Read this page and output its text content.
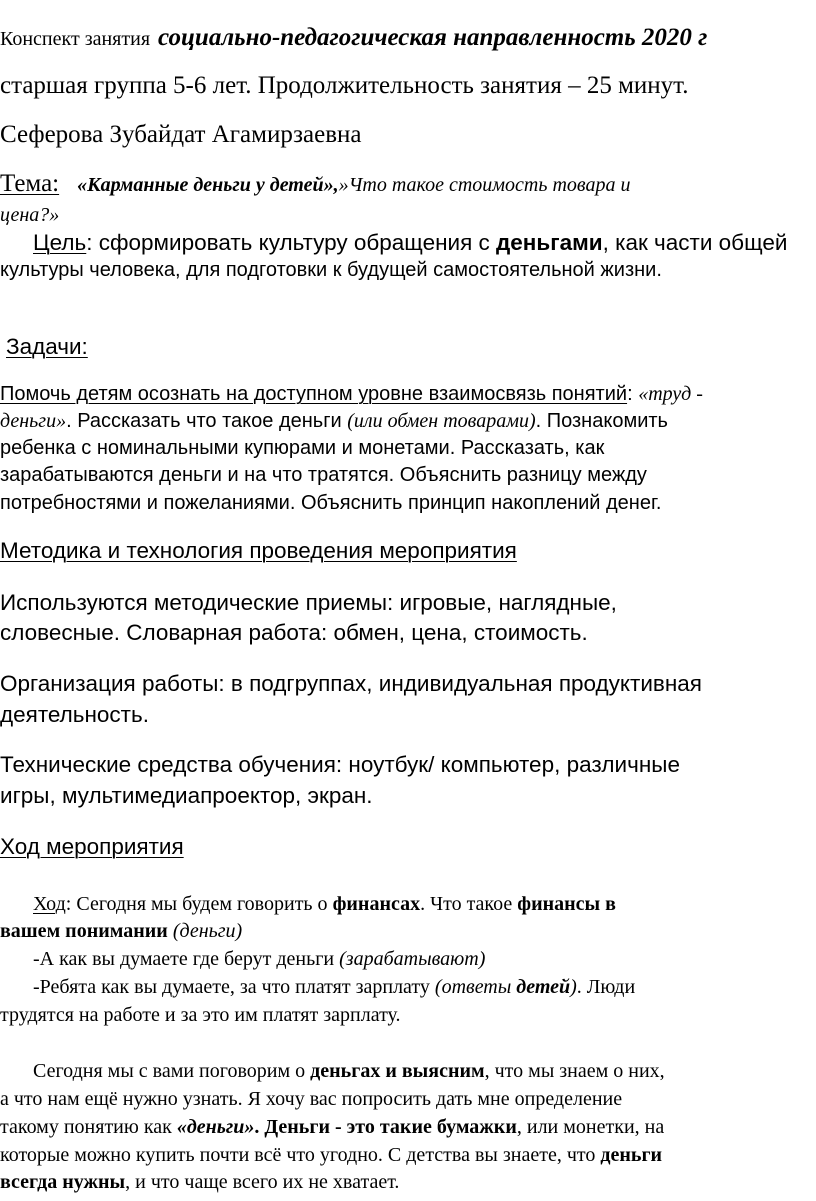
Конспект занятия социально-педагогическая направленность 2020 г

старшая группа 5-6 лет. Продолжительность занятия – 25 минут.

Сеферова Зубайдат Агамирзаевна

Тема: «Карманные деньги у детей»,»Что такое стоимость товара и

цена?»

Цель: сформировать культуру обращения с деньгами, как части общей

культуры человека, для подготовки к будущей самостоятельной жизни.

Задачи:

Помочь детям осознать на доступном уровне взаимосвязь понятий: «труд -

деньги». Рассказать что такое деньги (или обмен товарами). Познакомить

ребенка с номинальными купюрами и монетами. Рассказать, как

зарабатываются деньги и на что тратятся. Объяснить разницу между

потребностями и пожеланиями. Объяснить принцип накоплений денег.

Методика и технология проведения мероприятия

Используются методические приемы: игровые, наглядные,

словесные. Словарная работа: обмен, цена, стоимость.

Организация работы: в подгруппах, индивидуальная продуктивная

деятельность.

Технические средства обучения: ноутбук/ компьютер, различные

игры, мультимедиапроектор, экран.

Ход мероприятия

Ход: Сегодня мы будем говорить о финансах. Что такое финансы в

вашем понимании (деньги)

-А как вы думаете где берут деньги (зарабатывают)

-Ребята как вы думаете, за что платят зарплату (ответы детей). Люди

трудятся на работе и за это им платят зарплату.

Сегодня мы с вами поговорим о деньгах и выясним, что мы знаем о них,

а что нам ещё нужно узнать. Я хочу вас попросить дать мне определение

такому понятию как «деньги». Деньги - это такие бумажки, или монетки, на

которые можно купить почти всё что угодно. С детства вы знаете, что деньги

всегда нужны, и что чаще всего их не хватает.
